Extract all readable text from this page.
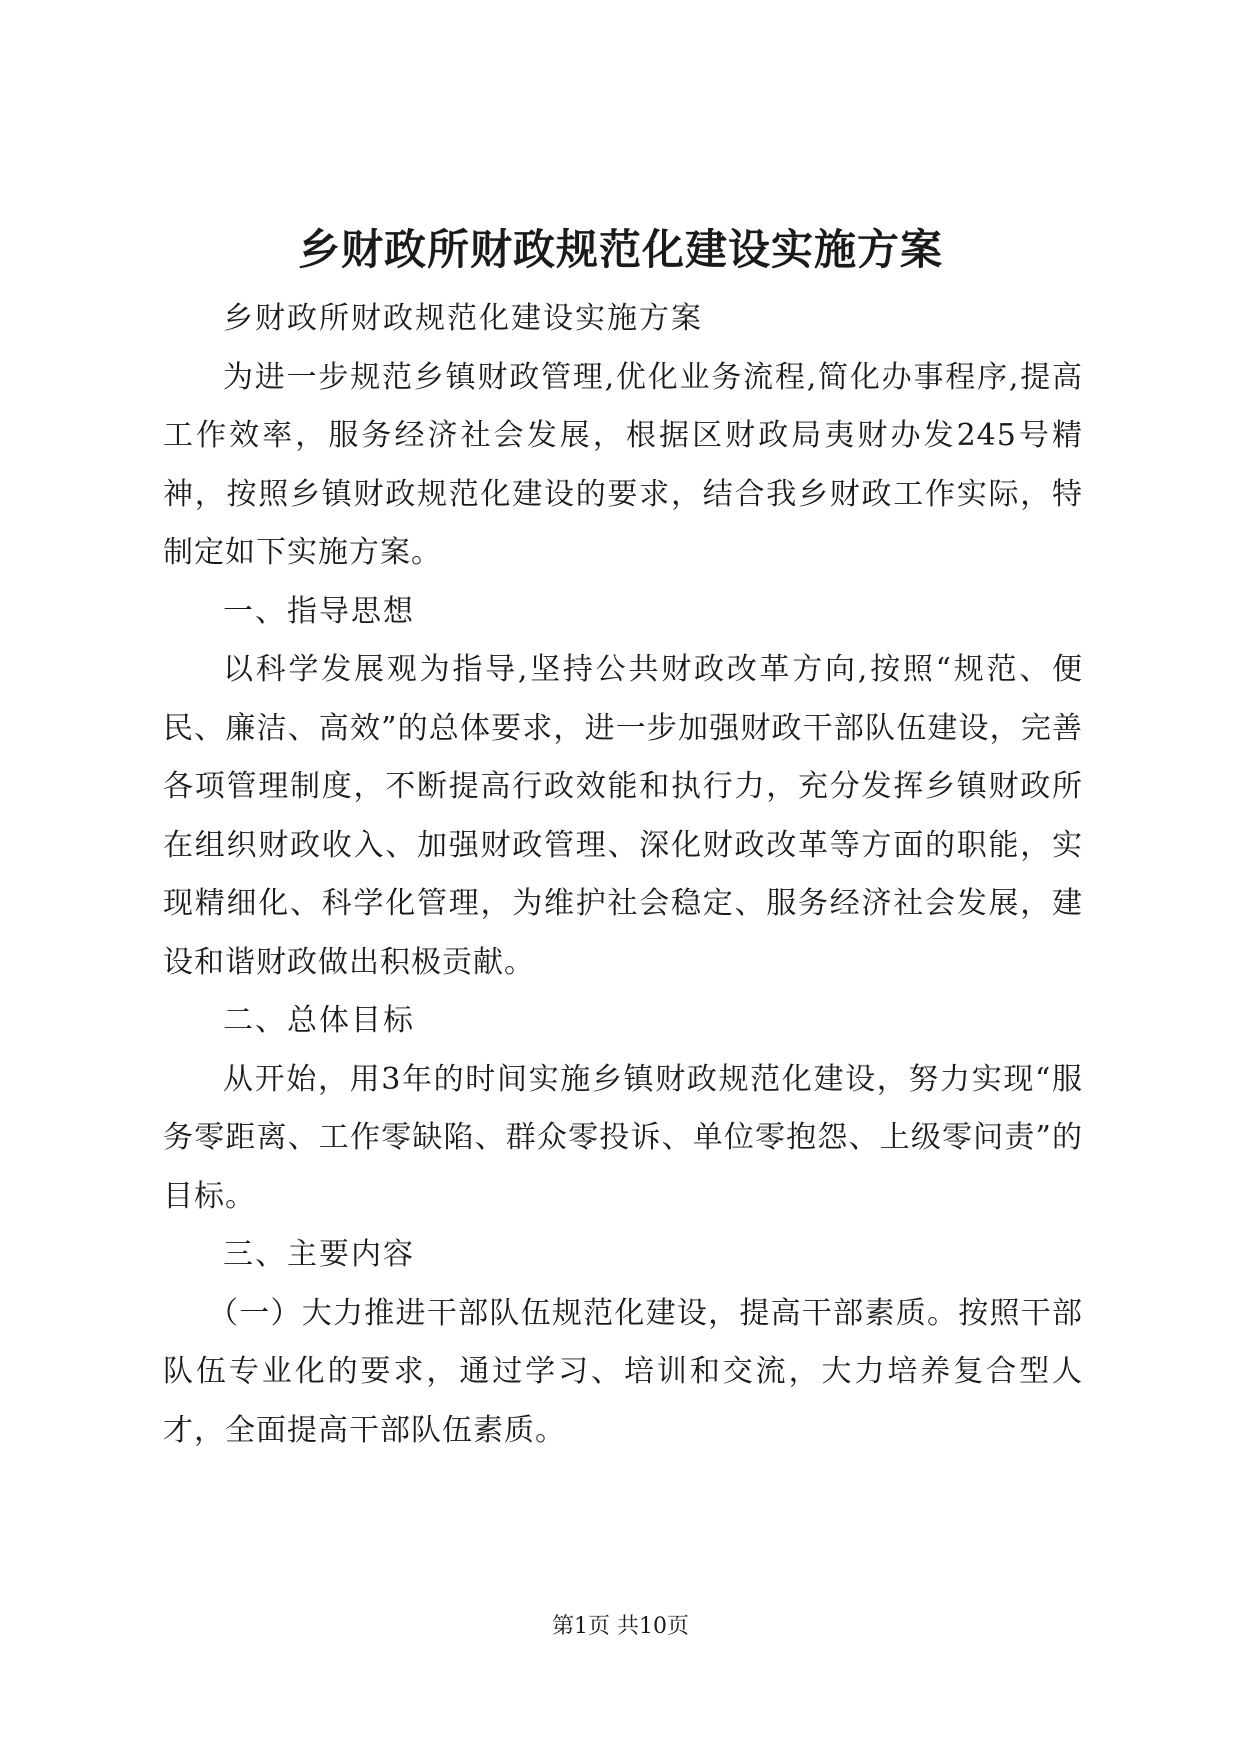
乡财政所财政规范化建设实施方案

乡财政所财政规范化建设实施方案

为进一步规范乡镇财政管理,优化业务流程,简化办事程序,提高工作效率，服务经济社会发展，根据区财政局夷财办发245号精神，按照乡镇财政规范化建设的要求，结合我乡财政工作实际，特制定如下实施方案。

一、指导思想

以科学发展观为指导,坚持公共财政改革方向,按照“规范、便民、廉洁、高效”的总体要求，进一步加强财政干部队伍建设，完善各项管理制度，不断提高行政效能和执行力，充分发挥乡镇财政所在组织财政收入、加强财政管理、深化财政改革等方面的职能，实现精细化、科学化管理，为维护社会稳定、服务经济社会发展，建设和谐财政做出积极贡献。

二、总体目标

从开始，用3年的时间实施乡镇财政规范化建设，努力实现“服务零距离、工作零缺陷、群众零投诉、单位零抱怨、上级零问责”的目标。

三、主要内容

（一）大力推进干部队伍规范化建设，提高干部素质。按照干部队伍专业化的要求，通过学习、培训和交流，大力培养复合型人才，全面提高干部队伍素质。

第1页 共10页
